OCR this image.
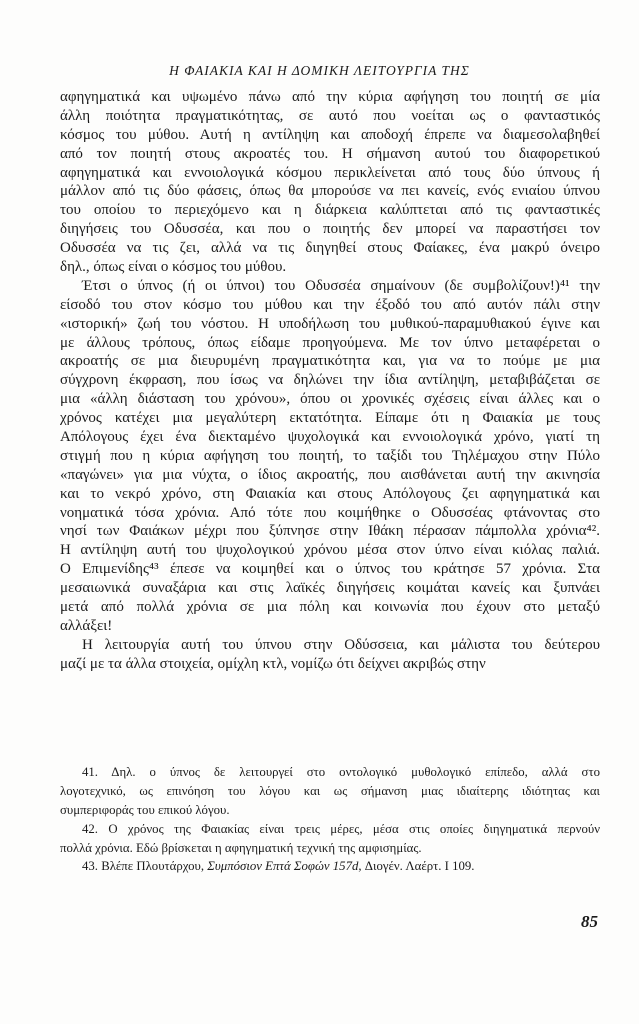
Η ΦΑΙΑΚΙΑ ΚΑΙ Η ΔΟΜΙΚΗ ΛΕΙΤΟΥΡΓΙΑ ΤΗΣ
αφηγηματικά και υψωμένο πάνω από την κύρια αφήγηση του ποιητή σε μία
άλλη ποιότητα πραγματικότητας, σε αυτό που νοείται ως ο φανταστικός
κόσμος του μύθου. Αυτή η αντίληψη και αποδοχή έπρεπε να διαμεσολαβηθεί
από τον ποιητή στους ακροατές του. Η σήμανση αυτού του διαφορετικού
αφηγηματικά και εννοιολογικά κόσμου περικλείνεται από τους δύο ύπνους ή
μάλλον από τις δύο φάσεις, όπως θα μπορούσε να πει κανείς, ενός ενιαίου ύπνου
του οποίου το περιεχόμενο και η διάρκεια καλύπτεται από τις φανταστικές
διηγήσεις του Οδυσσέα, και που ο ποιητής δεν μπορεί να παραστήσει τον
Οδυσσέα να τις ζει, αλλά να τις διηγηθεί στους Φαίακες, ένα μακρύ όνειρο
δηλ., όπως είναι ο κόσμος του μύθου.
Έτσι ο ύπνος (ή οι ύπνοι) του Οδυσσέα σημαίνουν (δε συμβολίζουν!)⁴¹ την
είσοδό του στον κόσμο του μύθου και την έξοδό του από αυτόν πάλι στην
«ιστορική» ζωή του νόστου. Η υποδήλωση του μυθικού-παραμυθιακού έγινε και
με άλλους τρόπους, όπως είδαμε προηγούμενα. Με τον ύπνο μεταφέρεται ο
ακροατής σε μια διευρυμένη πραγματικότητα και, για να το πούμε με μια
σύγχρονη έκφραση, που ίσως να δηλώνει την ίδια αντίληψη, μεταβιβάζεται σε
μια «άλλη διάσταση του χρόνου», όπου οι χρονικές σχέσεις είναι άλλες και ο
χρόνος κατέχει μια μεγαλύτερη εκτατότητα. Είπαμε ότι η Φαιακία με τους
Απόλογους έχει ένα διεκταμένο ψυχολογικά και εννοιολογικά χρόνο, γιατί τη
στιγμή που η κύρια αφήγηση του ποιητή, το ταξίδι του Τηλέμαχου στην Πύλο
«παγώνει» για μια νύχτα, ο ίδιος ακροατής, που αισθάνεται αυτή την ακινησία
και το νεκρό χρόνο, στη Φαιακία και στους Απόλογους ζει αφηγηματικά και
νοηματικά τόσα χρόνια. Από τότε που κοιμήθηκε ο Οδυσσέας φτάνοντας στο
νησί των Φαιάκων μέχρι που ξύπνησε στην Ιθάκη πέρασαν πάμπολλα χρόνια⁴².
Η αντίληψη αυτή του ψυχολογικού χρόνου μέσα στον ύπνο είναι κιόλας παλιά.
Ο Επιμενίδης⁴³ έπεσε να κοιμηθεί και ο ύπνος του κράτησε 57 χρόνια. Στα
μεσαιωνικά συναξάρια και στις λαϊκές διηγήσεις κοιμάται κανείς και ξυπνάει
μετά από πολλά χρόνια σε μια πόλη και κοινωνία που έχουν στο μεταξύ
αλλάξει!
Η λειτουργία αυτή του ύπνου στην Οδύσσεια, και μάλιστα του δεύτερου
μαζί με τα άλλα στοιχεία, ομίχλη κτλ, νομίζω ότι δείχνει ακριβώς στην
41. Δηλ. ο ύπνος δε λειτουργεί στο οντολογικό μυθολογικό επίπεδο, αλλά στο
λογοτεχνικό, ως επινόηση του λόγου και ως σήμανση μιας ιδιαίτερης ιδιότητας και
συμπεριφοράς του επικού λόγου.
42. Ο χρόνος της Φαιακίας είναι τρεις μέρες, μέσα στις οποίες διηγηματικά περνούν
πολλά χρόνια. Εδώ βρίσκεται η αφηγηματική τεχνική της αμφισημίας.
43. Βλέπε Πλουτάρχου, Συμπόσιον Επτά Σοφών 157d, Διογέν. Λαέρτ. Ι 109.
85
